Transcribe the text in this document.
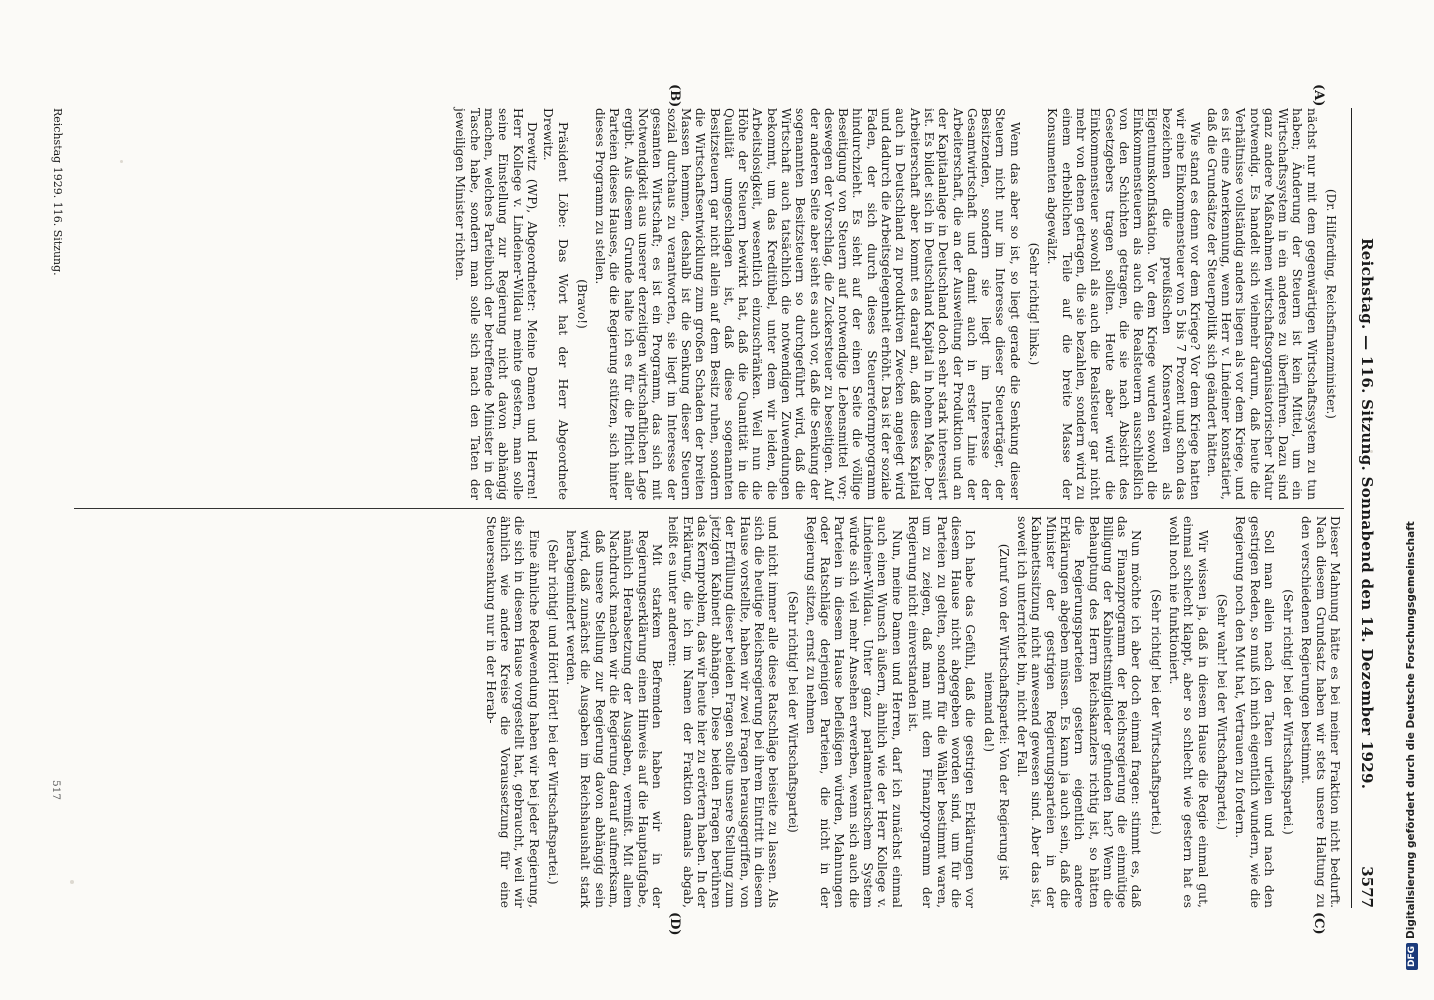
Reichstag. — 116. Sitzung. Sonnabend den 14. Dezember 1929.
3577
(A)
(B)
(C)
(D)

(Dr. Hilferding, Reichsfinanzminister.)

nächst nur mit dem gegenwärtigen Wirtschaftssystem zu tun haben; Änderung der Steuern ist kein Mittel, um ein Wirtschaftssystem in ein anderes zu überführen. Dazu sind ganz andere Maßnahmen wirtschaftsorganisatorischer Natur notwendig. Es handelt sich vielmehr darum, daß heute die Verhältnisse vollständig anders liegen als vor dem Kriege, und es ist eine Anerkennung, wenn Herr v. Lindeiner konstatiert, daß die Grundsätze der Steuerpolitik sich geändert hätten.

Wie stand es denn vor dem Kriege? Vor dem Kriege hatten wir eine Einkommensteuer von 5 bis 7 Prozent und schon das bezeichnen die preußischen Konservativen als Eigentumskonfiskation. Vor dem Kriege wurden sowohl die Einkommensteuern als auch die Realsteuern ausschließlich von den Schichten getragen, die sie nach Absicht des Gesetzgebers tragen sollten. Heute aber wird die Einkommensteuer sowohl als auch die Realsteuer gar nicht mehr von denen getragen, die sie bezahlen, sondern wird zu einem erheblichen Teile auf die breite Masse der Konsumenten abgewälzt.

(Sehr richtig! links.)

Wenn das aber so ist, so liegt gerade die Senkung dieser Steuern nicht nur im Interesse dieser Steuerträger, der Besitzenden, sondern sie liegt im Interesse der Gesamtwirtschaft und damit auch in erster Linie der Arbeiterschaft, die an der Ausweitung der Produktion und an der Kapitalanlage in Deutschland doch sehr stark interessiert ist. Es bildet sich in Deutschland Kapital in hohem Maße. Der Arbeiterschaft aber kommt es darauf an, daß dieses Kapital auch in Deutschland zu produktiven Zwecken angelegt wird und dadurch die Arbeitsgelegenheit erhöht. Das ist der soziale Faden, der sich durch dieses Steuerreformprogramm hindurchzieht. Es sieht auf der einen Seite die völlige Beseitigung von Steuern auf notwendige Lebensmittel vor; deswegen der Vorschlag, die Zuckersteuer zu beseitigen. Auf der anderen Seite aber sieht es auch vor, daß die Senkung der sogenannten Besitzsteuern so durchgeführt wird, daß die Wirtschaft auch tatsächlich die notwendigen Zuwendungen bekommt, um das Kreditübel, unter dem wir leiden, die Arbeitslosigkeit, wesentlich einzuschränken. Weil nun die Höhe der Steuern bewirkt hat, daß die Quantität in die Qualität umgeschlagen ist, daß diese sogenannten Besitzsteuern gar nicht allein auf dem Besitz ruhen, sondern die Wirtschaftsentwicklung zum großen Schaden der breiten Massen hemmen, deshalb ist die Senkung dieser Steuern sozial durchaus zu verantworten, sie liegt im Interesse der gesamten Wirtschaft; es ist ein Programm, das sich mit Notwendigkeit aus unserer derzeitigen wirtschaftlichen Lage ergibt. Aus diesem Grunde halte ich es für die Pflicht aller Parteien dieses Hauses, die die Regierung stützen, sich hinter dieses Programm zu stellen.

(Bravo!)

Präsident Löbe: Das Wort hat der Herr Abgeordnete Drewitz.

Drewitz (WP), Abgeordneter: Meine Damen und Herren! Herr Kollege v. Lindeiner-Wildau meinte gestern, man solle seine Einstellung zur Regierung nicht davon abhängig machen, welches Parteibuch der betreffende Minister in der Tasche habe, sondern man solle sich nach den Taten der jeweiligen Minister richten.

Dieser Mahnung hätte es bei meiner Fraktion nicht bedurft. Nach diesem Grundsatz haben wir stets unsere Haltung zu den verschiedenen Regierungen bestimmt.

(Sehr richtig! bei der Wirtschaftspartei.)

Soll man allein nach den Taten urteilen und nach den gestrigen Reden, so muß ich mich eigentlich wundern, wie die Regierung noch den Mut hat, Vertrauen zu fordern.

(Sehr wahr! bei der Wirtschaftspartei.)

Wir wissen ja, daß in diesem Hause die Regie einmal gut, einmal schlecht klappt, aber so schlecht wie gestern hat es wohl noch nie funktioniert.

(Sehr richtig! bei der Wirtschaftspartei.)

Nun möchte ich aber doch einmal fragen: stimmt es, daß das Finanzprogramm der Reichsregierung die einmütige Billigung der Kabinettsmitglieder gefunden hat? Wenn die Behauptung des Herrn Reichskanzlers richtig ist, so hätten die Regierungsparteien gestern eigentlich andere Erklärungen abgeben müssen. Es kann ja auch sein, daß die Minister der gestrigen Regierungsparteien in der Kabinettssitzung nicht anwesend gewesen sind. Aber das ist, soweit ich unterrichtet bin, nicht der Fall.

(Zuruf von der Wirtschaftspartei: Von der Regierung ist niemand da!)

Ich habe das Gefühl, daß die gestrigen Erklärungen vor diesem Hause nicht abgegeben worden sind, um für die Parteien zu gelten, sondern für die Wähler bestimmt waren, um zu zeigen, daß man mit dem Finanzprogramm der Regierung nicht einverstanden ist.

Nun, meine Damen und Herren, darf ich zunächst einmal auch einen Wunsch äußern, ähnlich wie der Herr Kollege v. Lindeiner-Wildau. Unter ganz parlamentarischem System würde sich viel mehr Ansehen erwerben, wenn sich auch die Parteien in diesem Hause befleißigen würden, Mahnungen oder Ratschläge derjenigen Parteien, die nicht in der Regierung sitzen, ernst zu nehmen

(Sehr richtig! bei der Wirtschaftspartei)

und nicht immer alle diese Ratschläge beiseite zu lassen. Als sich die heutige Reichsregierung bei ihrem Eintritt in diesem Hause vorstellte, haben wir zwei Fragen herausgegriffen, von der Erfüllung dieser beiden Fragen sollte unsere Stellung zum jetzigen Kabinett abhängen. Diese beiden Fragen berühren das Kernproblem, das wir heute hier zu erörtern haben. In der Erklärung, die ich im Namen der Fraktion damals abgab, heißt es unter anderem:

Mit starkem Befremden haben wir in der Regierungserklärung einen Hinweis auf die Hauptaufgabe, nämlich Herabsetzung der Ausgaben, vermißt. Mit allem Nachdruck machen wir die Regierung darauf aufmerksam, daß unsere Stellung zur Regierung davon abhängig sein wird, daß zunächst die Ausgaben im Reichshaushalt stark herabgemindert werden.

(Sehr richtig! und Hört! Hört! bei der Wirtschaftspartei.)

Eine ähnliche Redewendung haben wir bei jeder Regierung, die sich in diesem Hause vorgestellt hat, gebraucht, weil wir ähnlich wie andere Kreise die Voraussetzung für eine Steuersenkung nur in der Herab-

Reichstag 1929. 116. Sitzung.
517
DFGDigitalisierung gefördert durch die Deutsche Forschungsgemeinschaft
